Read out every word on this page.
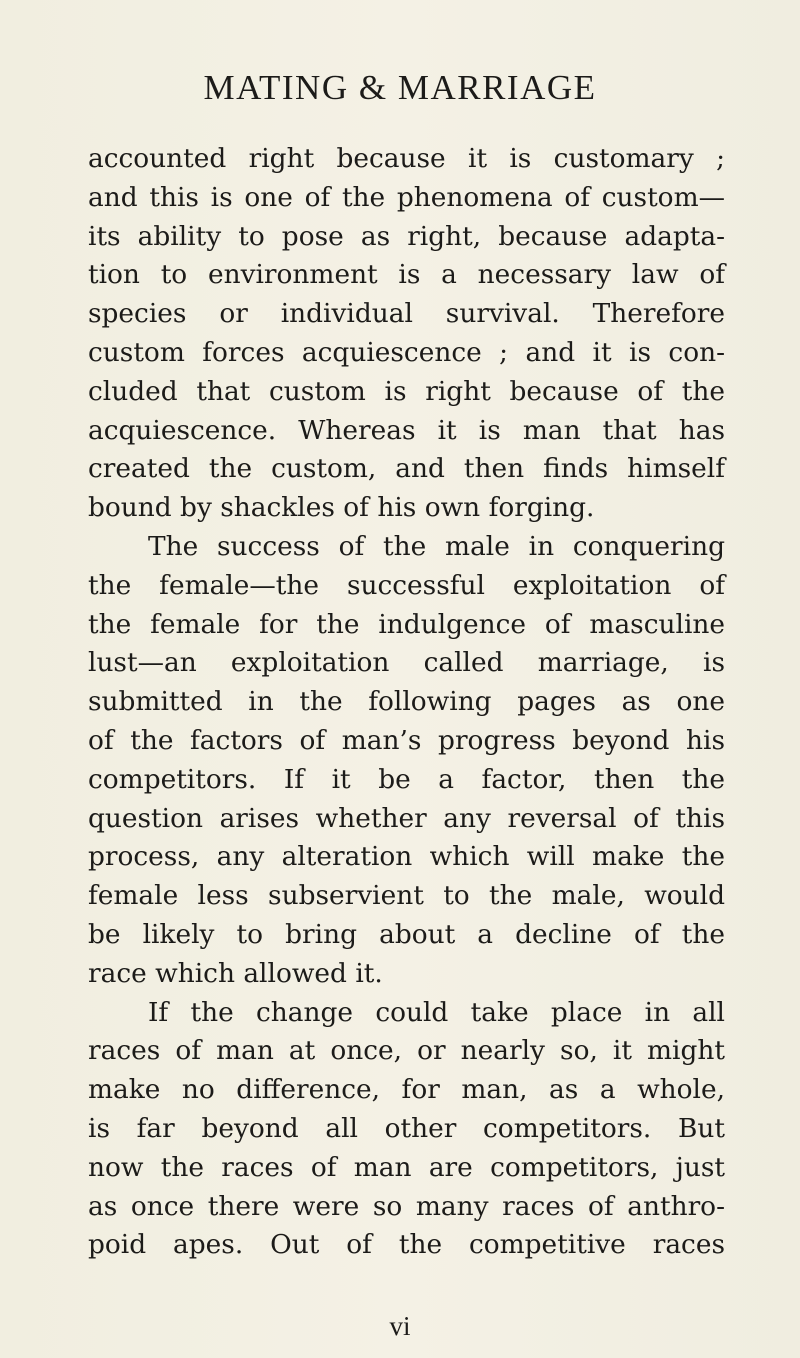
MATING & MARRIAGE
accounted right because it is customary ;
and this is one of the phenomena of custom—
its ability to pose as right, because adapta-
tion to environment is a necessary law of
species or individual survival. Therefore
custom forces acquiescence ; and it is con-
cluded that custom is right because of the
acquiescence. Whereas it is man that has
created the custom, and then finds himself
bound by shackles of his own forging.
The success of the male in conquering
the female—the successful exploitation of
the female for the indulgence of masculine
lust—an exploitation called marriage, is
submitted in the following pages as one
of the factors of man’s progress beyond his
competitors. If it be a factor, then the
question arises whether any reversal of this
process, any alteration which will make the
female less subservient to the male, would
be likely to bring about a decline of the
race which allowed it.
If the change could take place in all
races of man at once, or nearly so, it might
make no difference, for man, as a whole,
is far beyond all other competitors. But
now the races of man are competitors, just
as once there were so many races of anthro-
poid apes. Out of the competitive races
vi
